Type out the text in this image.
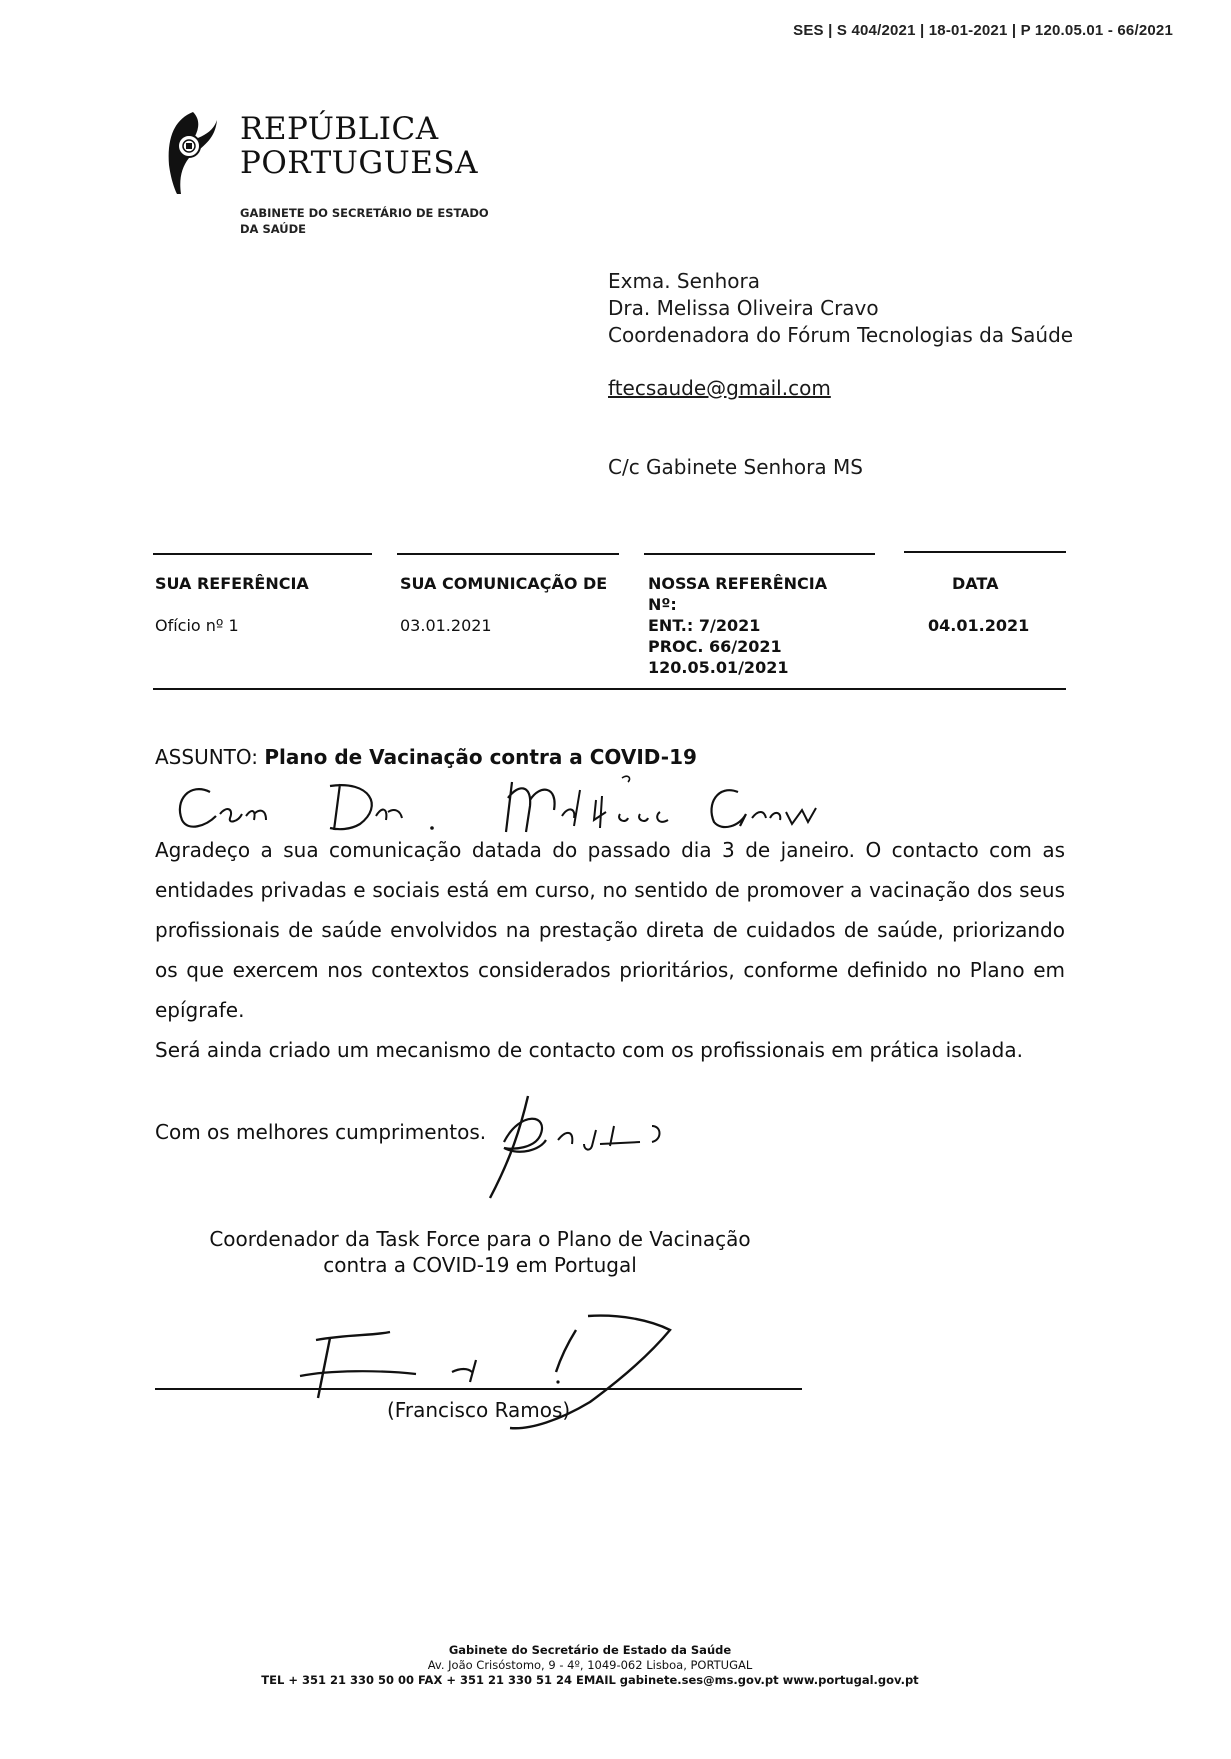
SES | S 404/2021 | 18-01-2021 | P 120.05.01 - 66/2021
REPÚBLICA
PORTUGUESA
GABINETE DO SECRETÁRIO DE ESTADO
DA SAÚDE
Exma. Senhora
Dra. Melissa Oliveira Cravo
Coordenadora do Fórum Tecnologias da Saúde
ftecsaude@gmail.com
C/c Gabinete Senhora MS
SUA REFERÊNCIA
Ofício nº 1
SUA COMUNICAÇÃO DE
03.01.2021
NOSSA REFERÊNCIA
Nº:
ENT.: 7/2021
PROC. 66/2021
120.05.01/2021
DATA
04.01.2021
ASSUNTO: Plano de Vacinação contra a COVID-19

Agradeço a sua comunicação datada do passado dia 3 de janeiro. O contacto com as entidades privadas e sociais está em curso, no sentido de promover a vacinação dos seus profissionais de saúde envolvidos na prestação direta de cuidados de saúde, priorizando os que exercem nos contextos considerados prioritários, conforme definido no Plano em epígrafe.

Será ainda criado um mecanismo de contacto com os profissionais em prática isolada.

Com os melhores cumprimentos.
Coordenador da Task Force para o Plano de Vacinação
contra a COVID-19 em Portugal
(Francisco Ramos)
Gabinete do Secretário de Estado da Saúde
Av. João Crisóstomo, 9 - 4º, 1049-062 Lisboa, PORTUGAL
TEL + 351 21 330 50 00 FAX + 351 21 330 51 24 EMAIL gabinete.ses@ms.gov.pt www.portugal.gov.pt
